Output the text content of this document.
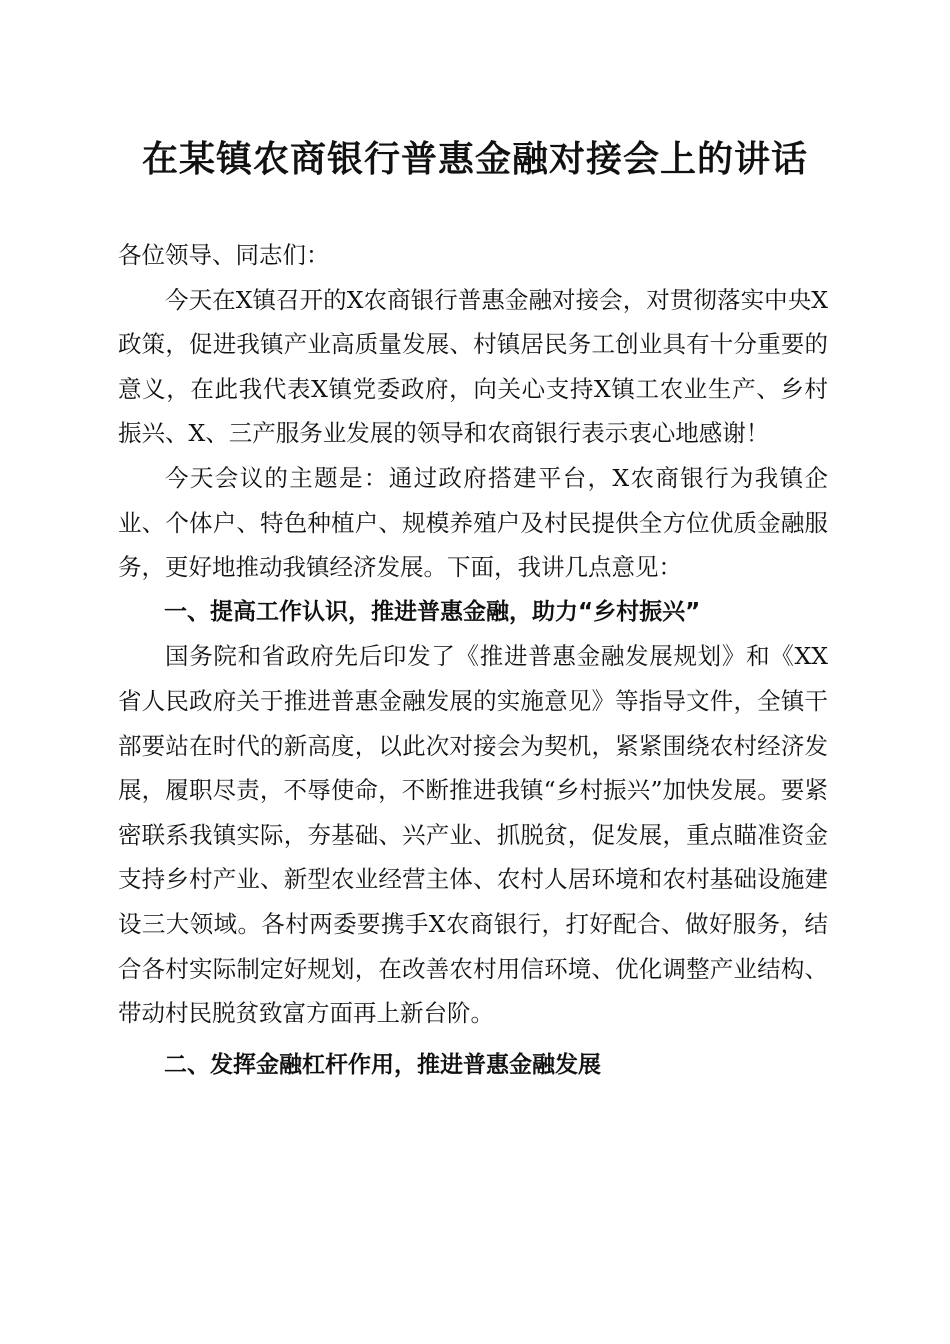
在某镇农商银行普惠金融对接会上的讲话

各位领导、同志们：

今天在X镇召开的X农商银行普惠金融对接会，对贯彻落实中央X政策，促进我镇产业高质量发展、村镇居民务工创业具有十分重要的意义，在此我代表X镇党委政府，向关心支持X镇工农业生产、乡村振兴、X、三产服务业发展的领导和农商银行表示衷心地感谢！

今天会议的主题是：通过政府搭建平台，X农商银行为我镇企业、个体户、特色种植户、规模养殖户及村民提供全方位优质金融服务，更好地推动我镇经济发展。下面，我讲几点意见：

一、提高工作认识，推进普惠金融，助力“乡村振兴”

国务院和省政府先后印发了《推进普惠金融发展规划》和《XX省人民政府关于推进普惠金融发展的实施意见》等指导文件，全镇干部要站在时代的新高度，以此次对接会为契机，紧紧围绕农村经济发展，履职尽责，不辱使命，不断推进我镇“乡村振兴”加快发展。要紧密联系我镇实际，夯基础、兴产业、抓脱贫，促发展，重点瞄准资金支持乡村产业、新型农业经营主体、农村人居环境和农村基础设施建设三大领域。各村两委要携手X农商银行，打好配合、做好服务，结合各村实际制定好规划，在改善农村用信环境、优化调整产业结构、带动村民脱贫致富方面再上新台阶。

二、发挥金融杠杆作用，推进普惠金融发展
